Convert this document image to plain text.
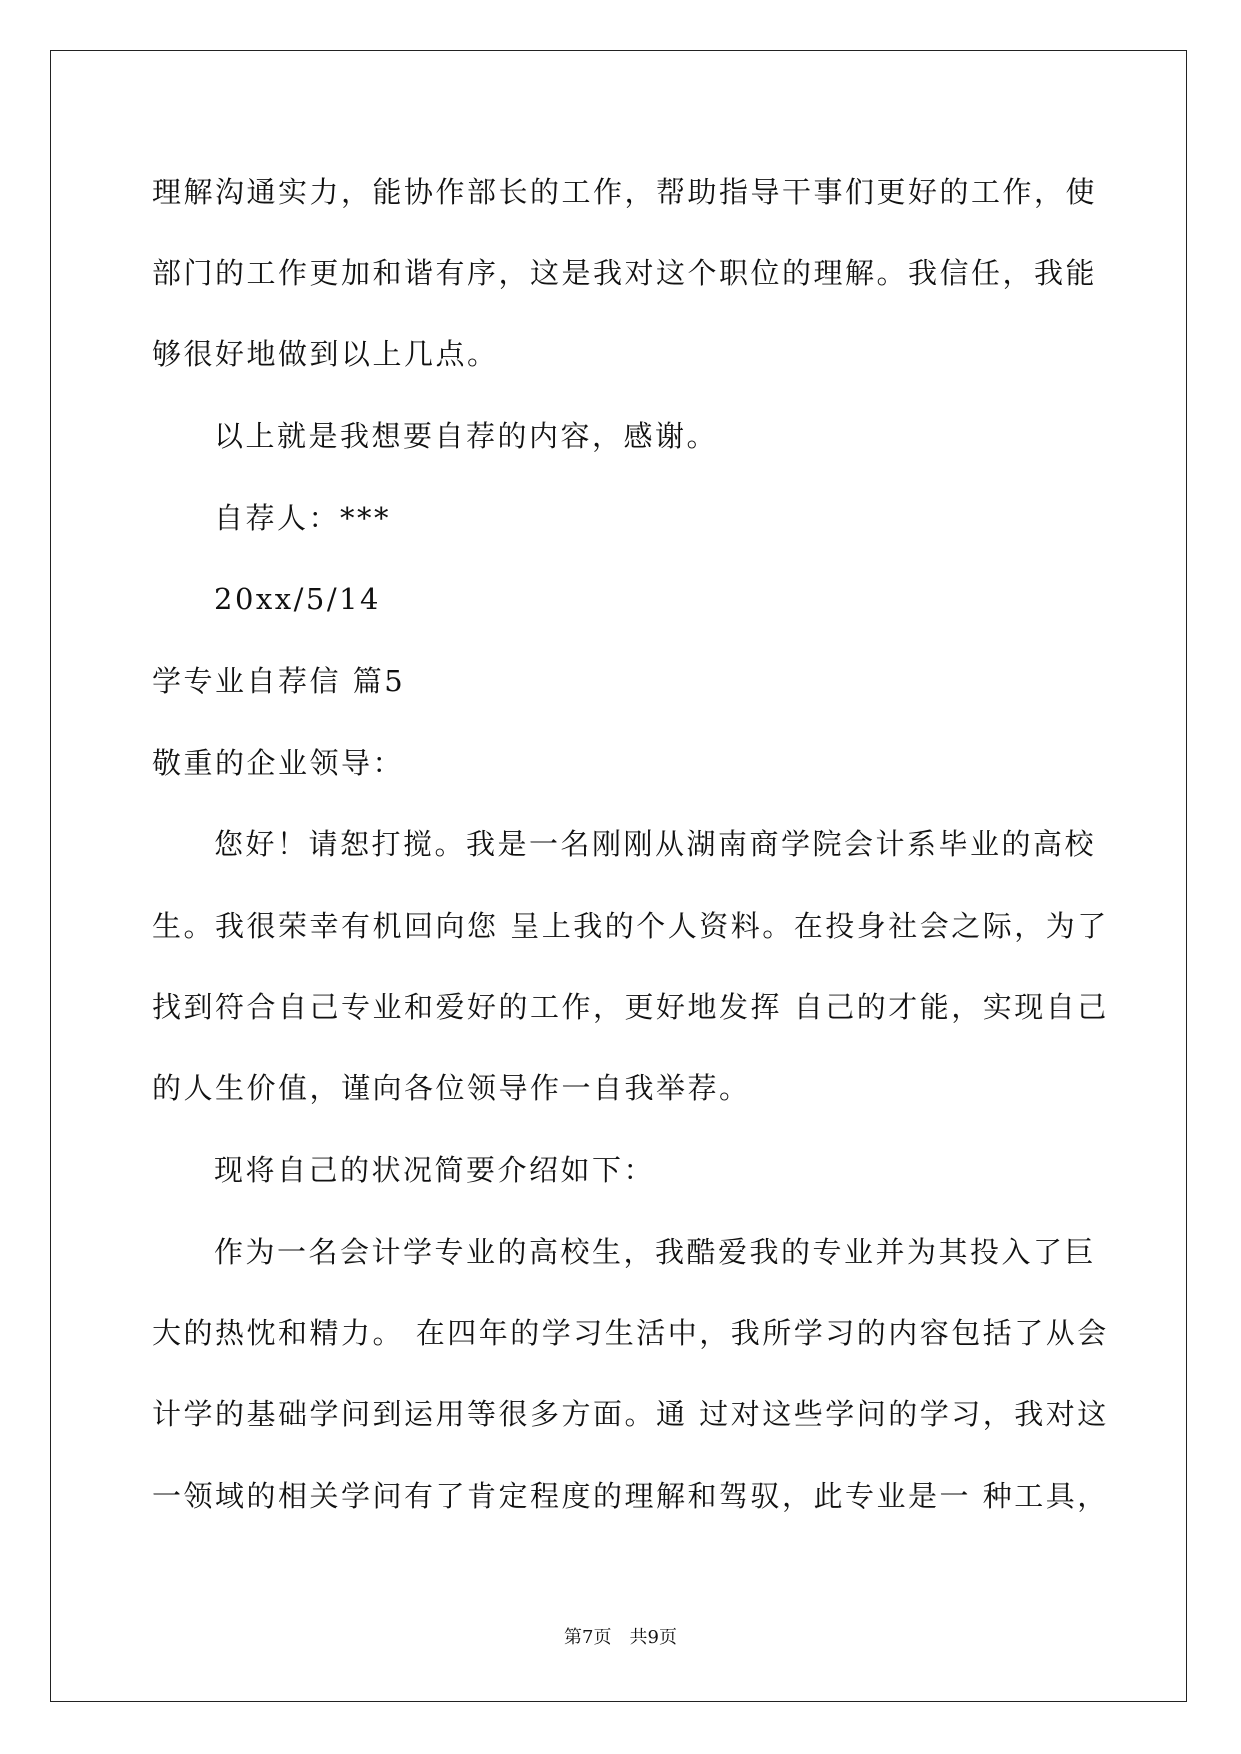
理解沟通实力，能协作部长的工作，帮助指导干事们更好的工作，使
部门的工作更加和谐有序，这是我对这个职位的理解。我信任，我能
够很好地做到以上几点。
以上就是我想要自荐的内容，感谢。
自荐人：***
20xx/5/14
学专业自荐信 篇5
敬重的企业领导：
您好！请恕打搅。我是一名刚刚从湖南商学院会计系毕业的高校
生。我很荣幸有机回向您 呈上我的个人资料。在投身社会之际，为了
找到符合自己专业和爱好的工作，更好地发挥 自己的才能，实现自己
的人生价值，谨向各位领导作一自我举荐。
现将自己的状况简要介绍如下：
作为一名会计学专业的高校生，我酷爱我的专业并为其投入了巨
大的热忱和精力。 在四年的学习生活中，我所学习的内容包括了从会
计学的基础学问到运用等很多方面。通 过对这些学问的学习，我对这
一领域的相关学问有了肯定程度的理解和驾驭，此专业是一 种工具，
第7页　共9页
